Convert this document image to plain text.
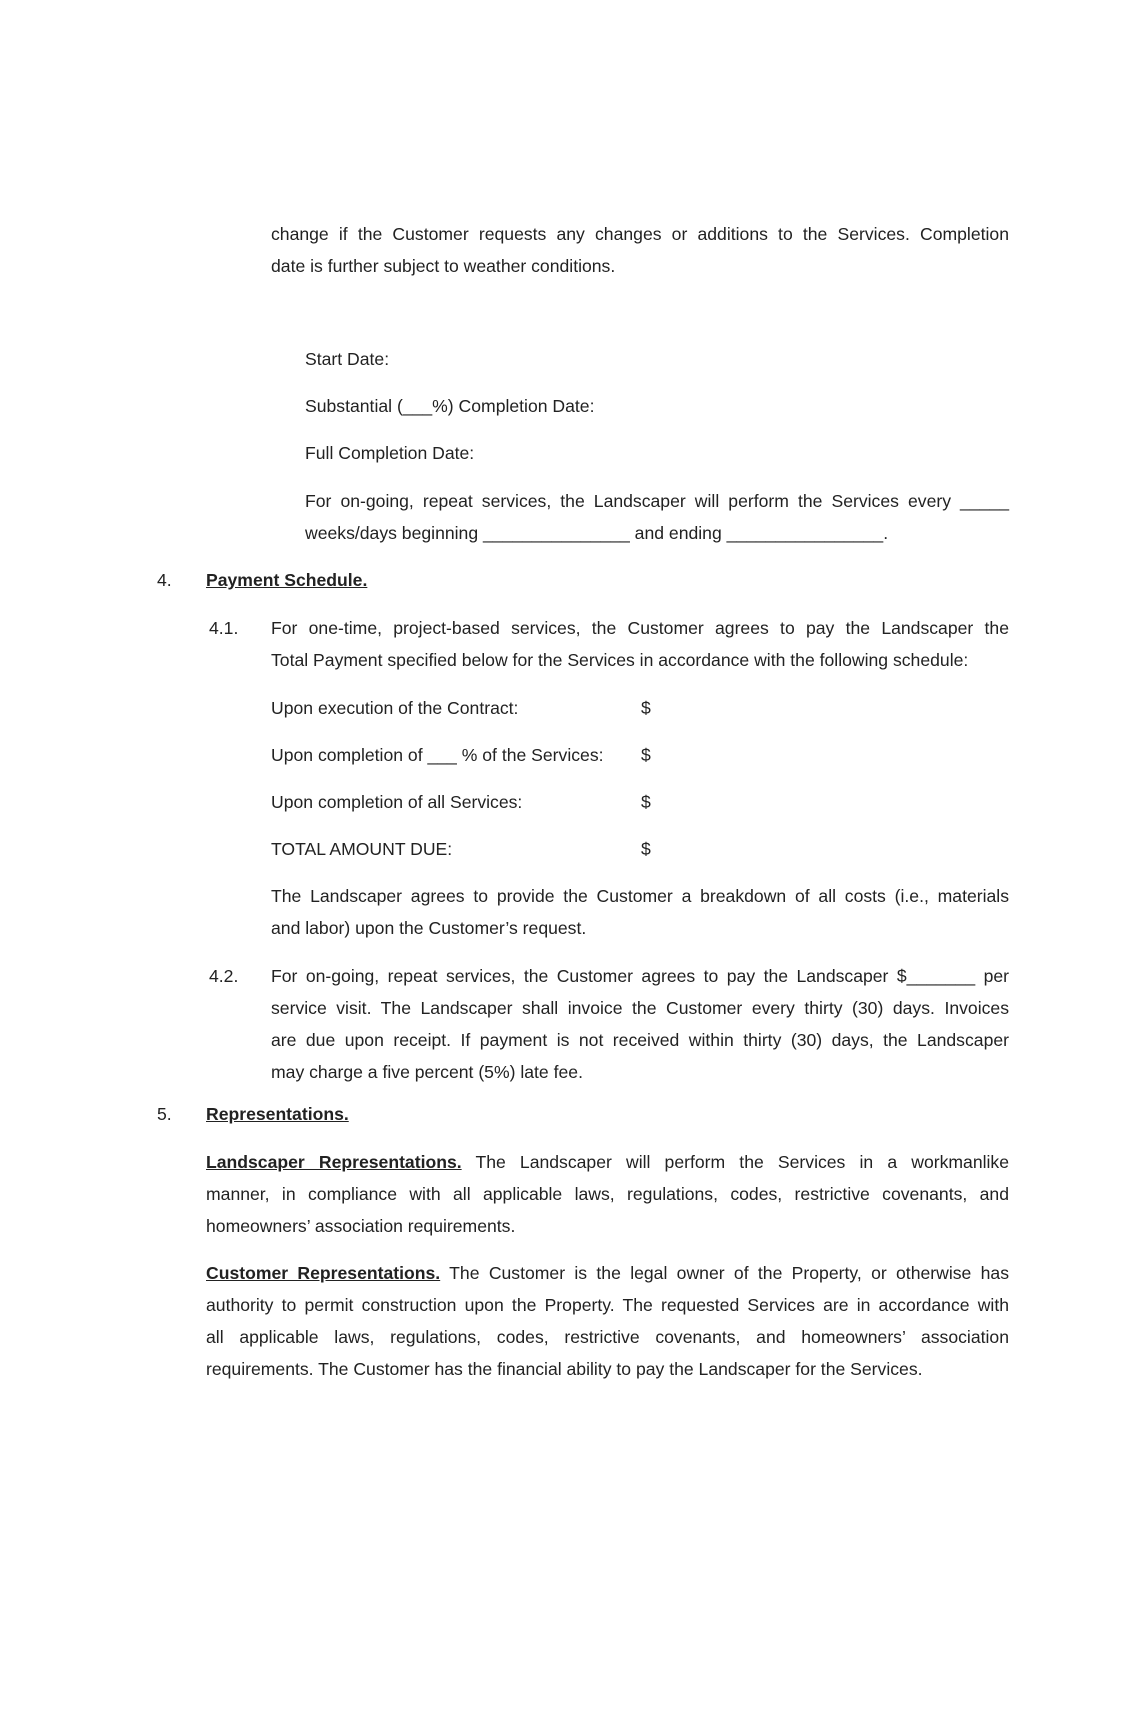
change if the Customer requests any changes or additions to the Services. Completion

date is further subject to weather conditions.

Start Date:
Substantial (___%) Completion Date:
Full Completion Date:

For on-going, repeat services, the Landscaper will perform the Services every _____

weeks/days beginning _______________ and ending ________________.

4. Payment Schedule.
4.1. For one-time, project-based services, the Customer agrees to pay the Landscaper the

Total Payment specified below for the Services in accordance with the following schedule:

Upon execution of the Contract:	$
Upon completion of ___ % of the Services: $
Upon completion of all Services:	$
TOTAL AMOUNT DUE:	$

The Landscaper agrees to provide the Customer a breakdown of all costs (i.e., materials

and labor) upon the Customer’s request.

4.2. For on-going, repeat services, the Customer agrees to pay the Landscaper $_______ per

service visit. The Landscaper shall invoice the Customer every thirty (30) days. Invoices

are due upon receipt. If payment is not received within thirty (30) days, the Landscaper

may charge a five percent (5%) late fee.

5. Representations.

Landscaper Representations. The Landscaper will perform the Services in a workmanlike

manner, in compliance with all applicable laws, regulations, codes, restrictive covenants, and

homeowners’ association requirements.

Customer Representations. The Customer is the legal owner of the Property, or otherwise has

authority to permit construction upon the Property. The requested Services are in accordance with

all applicable laws, regulations, codes, restrictive covenants, and homeowners’ association

requirements. The Customer has the financial ability to pay the Landscaper for the Services.
